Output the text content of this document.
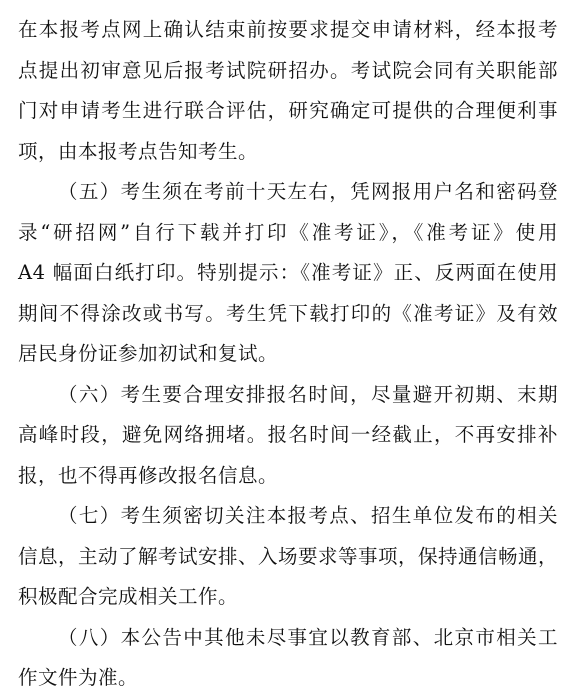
在本报考点网上确认结束前按要求提交申请材料，经本报考
点提出初审意见后报考试院研招办。考试院会同有关职能部
门对申请考生进行联合评估，研究确定可提供的合理便利事
项，由本报考点告知考生。
（五）考生须在考前十天左右，凭网报用户名和密码登
录“研招网”自行下载并打印《准考证》，《准考证》使用
A4 幅面白纸打印。特别提示：《准考证》正、反两面在使用
期间不得涂改或书写。考生凭下载打印的《准考证》及有效
居民身份证参加初试和复试。
（六）考生要合理安排报名时间，尽量避开初期、末期
高峰时段，避免网络拥堵。报名时间一经截止，不再安排补
报，也不得再修改报名信息。
（七）考生须密切关注本报考点、招生单位发布的相关
信息，主动了解考试安排、入场要求等事项，保持通信畅通，
积极配合完成相关工作。
（八）本公告中其他未尽事宜以教育部、北京市相关工
作文件为准。
